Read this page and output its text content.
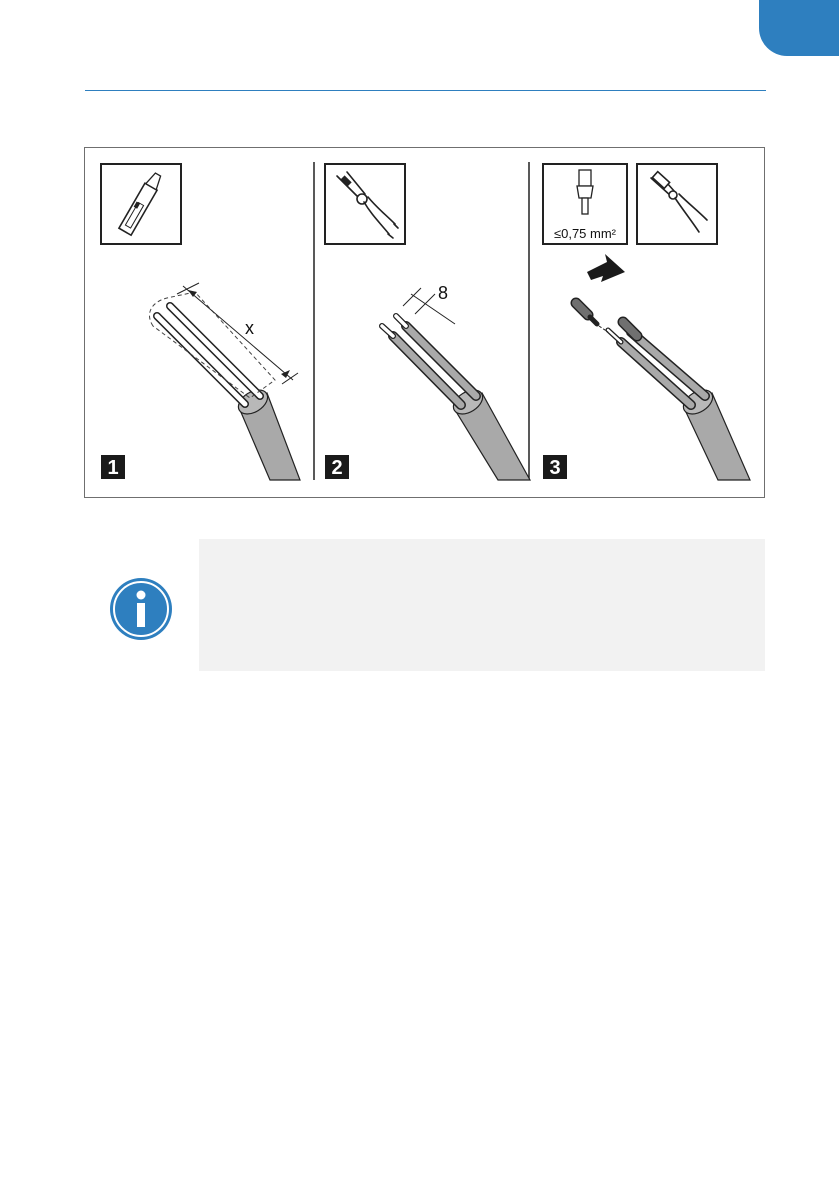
x
1
8
2
≤0,75 mm²
3
